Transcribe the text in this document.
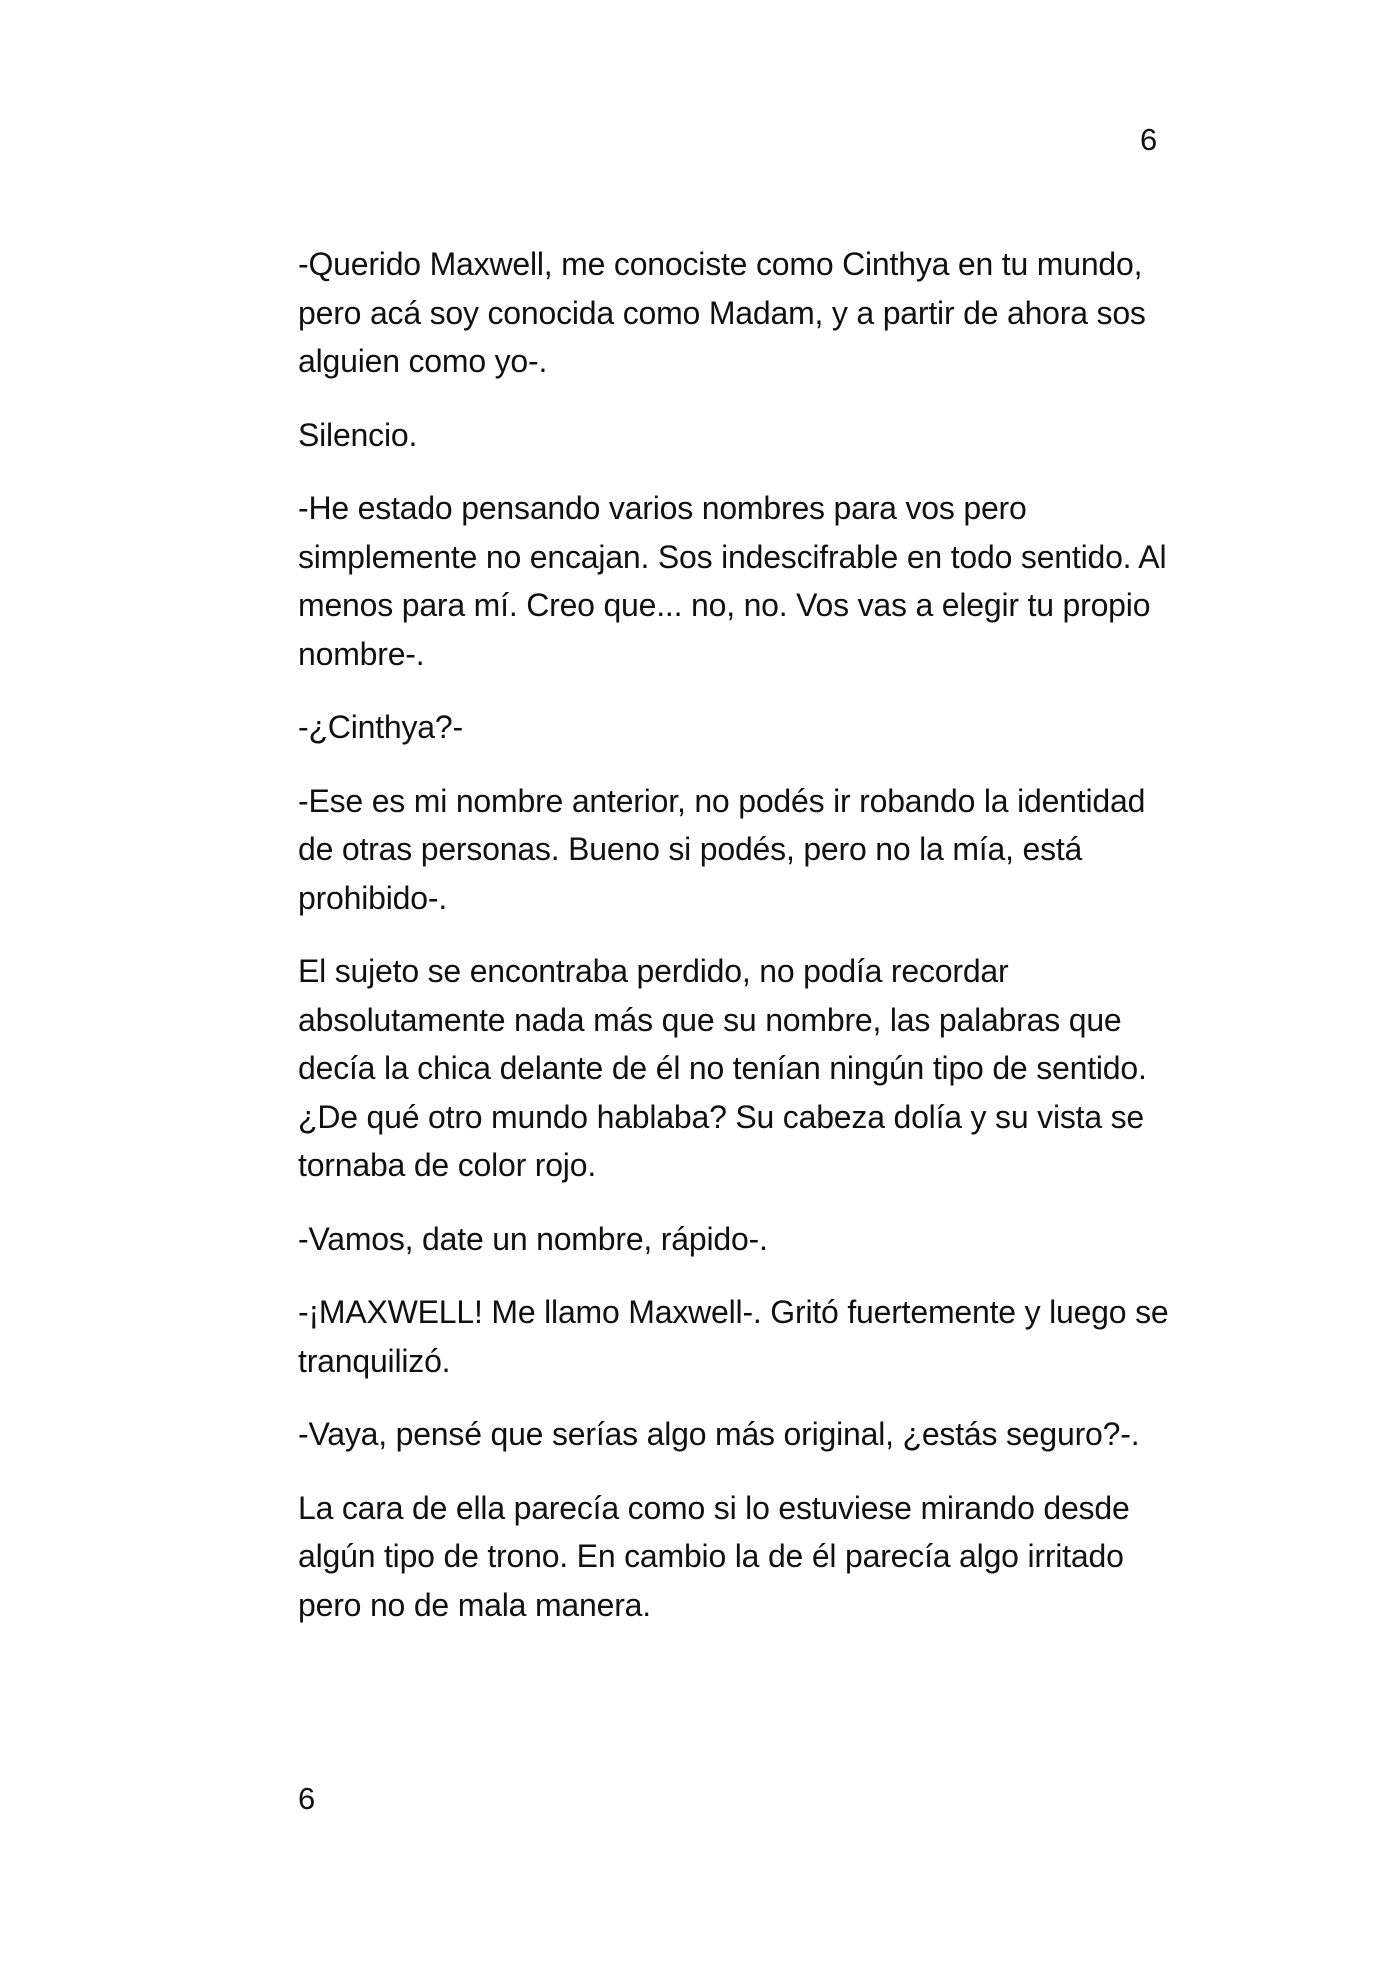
6

-Querido Maxwell, me conociste como Cinthya en tu mundo, pero acá soy conocida como Madam, y a partir de ahora sos alguien como yo-.

Silencio.

-He estado pensando varios nombres para vos pero simplemente no encajan. Sos indescifrable en todo sentido. Al menos para mí. Creo que... no, no. Vos vas a elegir tu propio nombre-.

-¿Cinthya?-

-Ese es mi nombre anterior, no podés ir robando la identidad de otras personas. Bueno si podés, pero no la mía, está prohibido-.

El sujeto se encontraba perdido, no podía recordar absolutamente nada más que su nombre, las palabras que decía la chica delante de él no tenían ningún tipo de sentido. ¿De qué otro mundo hablaba? Su cabeza dolía y su vista se tornaba de color rojo.

-Vamos, date un nombre, rápido-.

-¡MAXWELL! Me llamo Maxwell-. Gritó fuertemente y luego se tranquilizó.

-Vaya, pensé que serías algo más original, ¿estás seguro?-.

La cara de ella parecía como si lo estuviese mirando desde algún tipo de trono. En cambio la de él parecía algo irritado pero no de mala manera.

6
